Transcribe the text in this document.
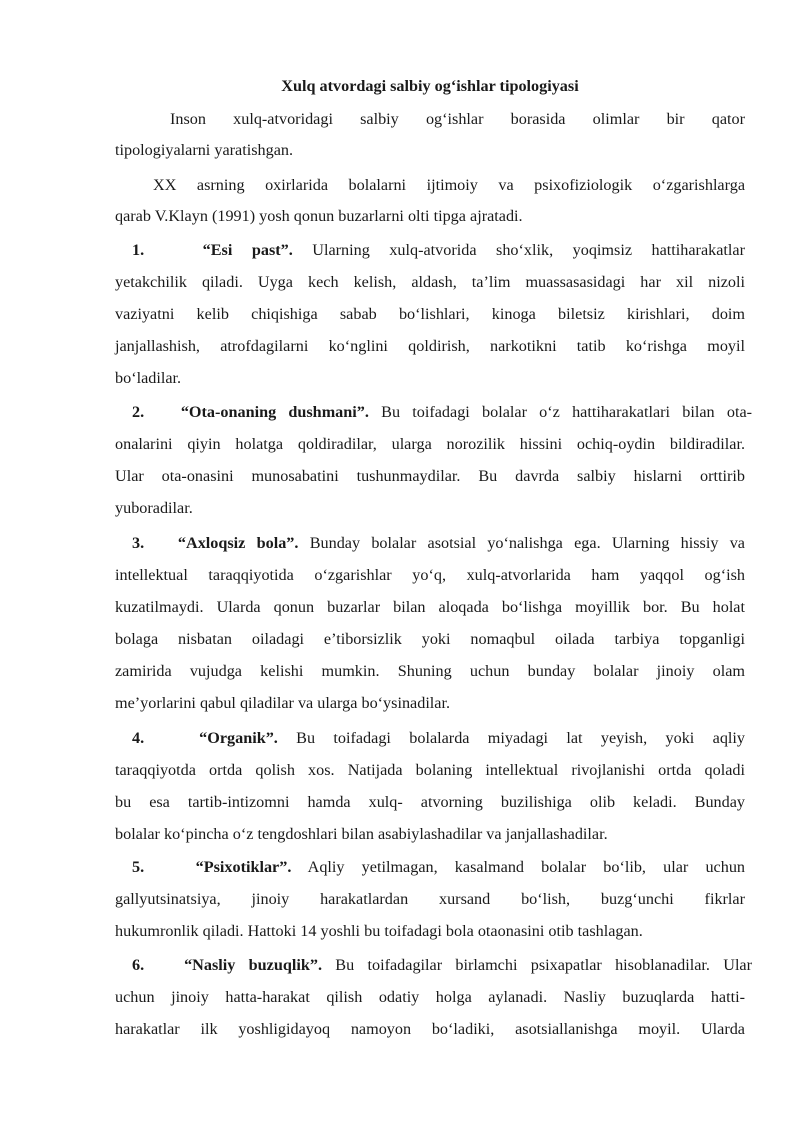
Xulq atvordagi salbiy og‘ishlar tipologiyasi
Inson xulq-atvoridagi salbiy og‘ishlar borasida olimlar bir qator
tipologiyalarni yaratishgan.
XX asrning oxirlarida bolalarni ijtimoiy va psixofiziologik o‘zgarishlarga
qarab V.Klayn (1991) yosh qonun buzarlarni olti tipga ajratadi.
1.	“Esi past”. Ularning xulq-atvorida sho‘xlik, yoqimsiz hattiharakatlar
yetakchilik qiladi. Uyga kech kelish, aldash, ta’lim muassasasidagi har xil nizoli
vaziyatni kelib chiqishiga sabab bo‘lishlari, kinoga biletsiz kirishlari, doim
janjallashish, atrofdagilarni ko‘nglini qoldirish, narkotikni tatib ko‘rishga moyil
bo‘ladilar.
2. “Ota-onaning dushmani”. Bu toifadagi bolalar o‘z hattiharakatlari bilan ota-
onalarini qiyin holatga qoldiradilar, ularga norozilik hissini ochiq-oydin bildiradilar.
Ular ota-onasini munosabatini tushunmaydilar. Bu davrda salbiy hislarni orttirib
yuboradilar.
3. “Axloqsiz bola”. Bunday bolalar asotsial yo‘nalishga ega. Ularning hissiy va
intellektual taraqqiyotida o‘zgarishlar yo‘q, xulq-atvorlarida ham yaqqol og‘ish
kuzatilmaydi. Ularda qonun buzarlar bilan aloqada bo‘lishga moyillik bor. Bu holat
bolaga nisbatan oiladagi e’tiborsizlik yoki nomaqbul oilada tarbiya topganligi
zamirida vujudga kelishi mumkin. Shuning uchun bunday bolalar jinoiy olam
me’yorlarini qabul qiladilar va ularga bo‘ysinadilar.
4.	“Organik”. Bu toifadagi bolalarda miyadagi lat yeyish, yoki aqliy
taraqqiyotda ortda qolish xos. Natijada bolaning intellektual rivojlanishi ortda qoladi
bu esa tartib-intizomni hamda xulq- atvorning buzilishiga olib keladi. Bunday
bolalar ko‘pincha o‘z tengdoshlari bilan asabiylashadilar va janjallashadilar.
5.	“Psixotiklar”. Aqliy yetilmagan, kasalmand bolalar bo‘lib, ular uchun
gallyutsinatsiya, jinoiy harakatlardan xursand bo‘lish, buzg‘unchi fikrlar
hukumronlik qiladi. Hattoki 14 yoshli bu toifadagi bola otaonasini otib tashlagan.
6. “Nasliy buzuqlik”. Bu toifadagilar birlamchi psixapatlar hisoblanadilar. Ular
uchun jinoiy hatta-harakat qilish odatiy holga aylanadi. Nasliy buzuqlarda hatti-
harakatlar ilk yoshligidayoq namoyon bo‘ladiki, asotsiallanishga moyil. Ularda
